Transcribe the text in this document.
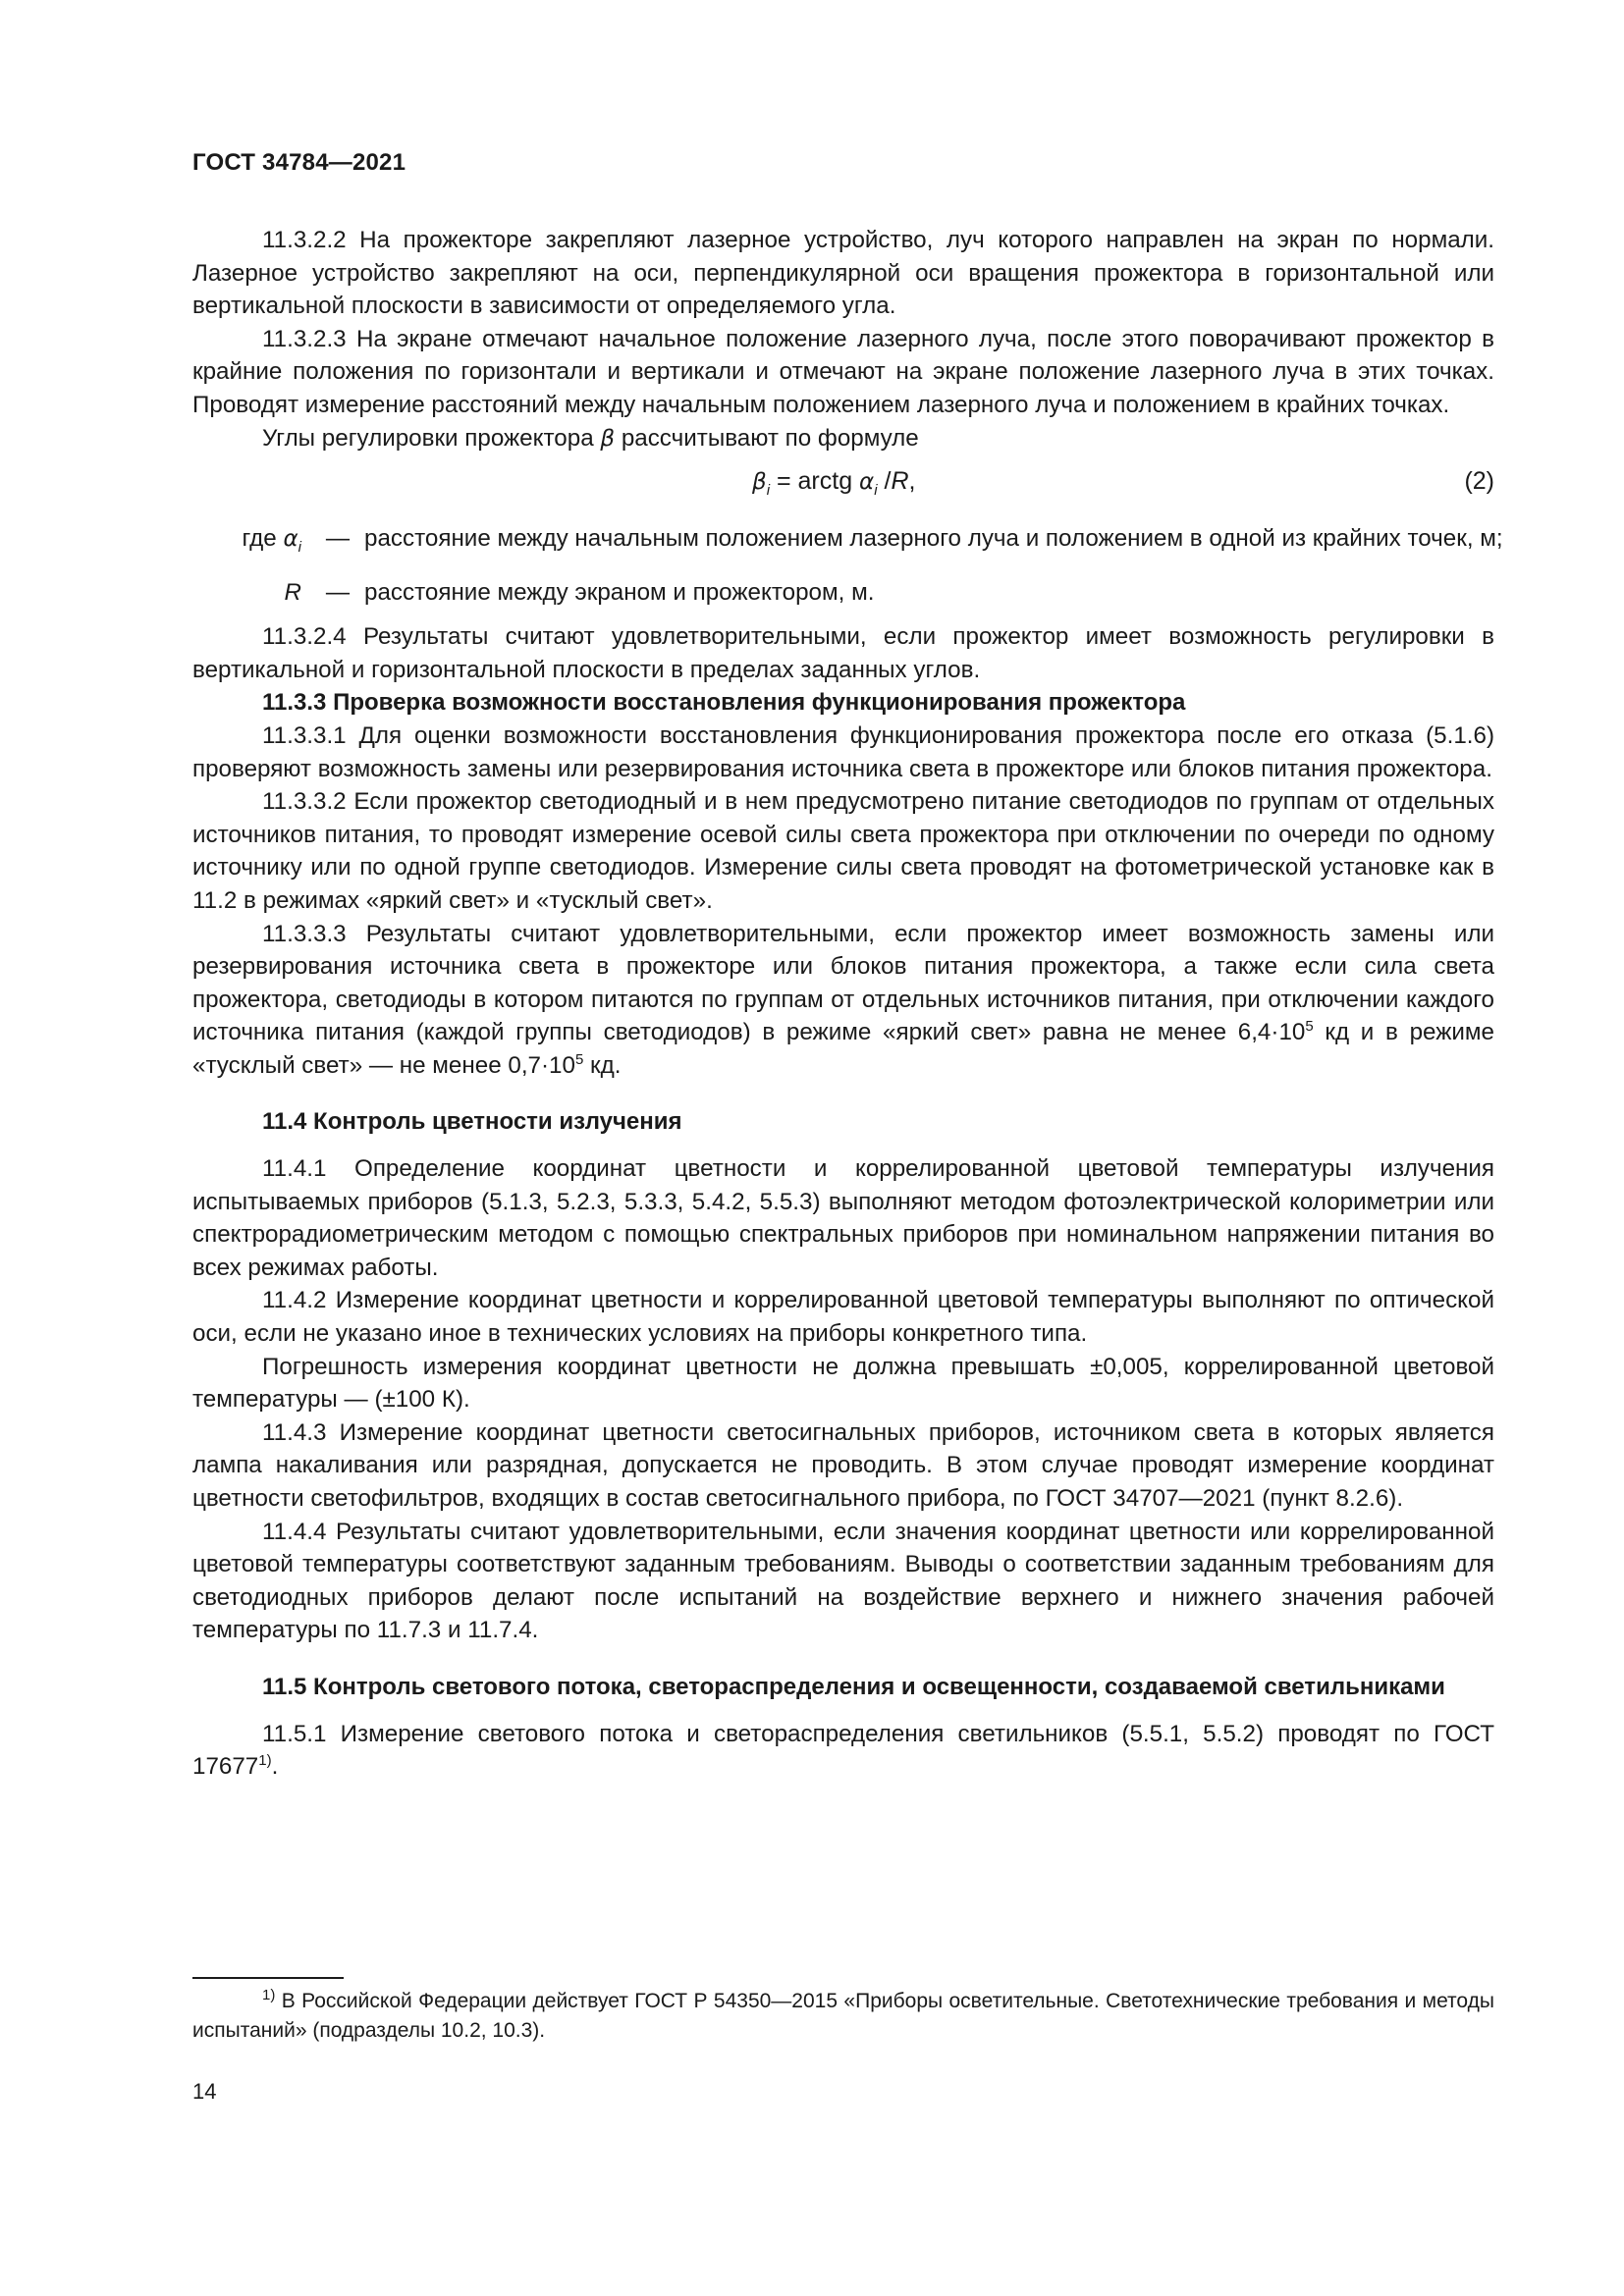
ГОСТ 34784—2021

11.3.2.2 На прожекторе закрепляют лазерное устройство, луч которого направлен на экран по нормали. Лазерное устройство закрепляют на оси, перпендикулярной оси вращения прожектора в горизонтальной или вертикальной плоскости в зависимости от определяемого угла.

11.3.2.3 На экране отмечают начальное положение лазерного луча, после этого поворачивают прожектор в крайние положения по горизонтали и вертикали и отмечают на экране положение лазерного луча в этих точках. Проводят измерение расстояний между начальным положением лазерного луча и положением в крайних точках.

Углы регулировки прожектора β рассчитывают по формуле

$\beta_i$ = arctg $\alpha_i$ /R,	(2)
где $\alpha_i$	— расстояние между начальным положением лазерного луча и положением в одной из крайних точек, м;
R	— расстояние между экраном и прожектором, м.

11.3.2.4 Результаты считают удовлетворительными, если прожектор имеет возможность регулировки в вертикальной и горизонтальной плоскости в пределах заданных углов.

11.3.3 Проверка возможности восстановления функционирования прожектора

11.3.3.1 Для оценки возможности восстановления функционирования прожектора после его отказа (5.1.6) проверяют возможность замены или резервирования источника света в прожекторе или блоков питания прожектора.

11.3.3.2 Если прожектор светодиодный и в нем предусмотрено питание светодиодов по группам от отдельных источников питания, то проводят измерение осевой силы света прожектора при отключении по очереди по одному источнику или по одной группе светодиодов. Измерение силы света проводят на фотометрической установке как в 11.2 в режимах «яркий свет» и «тусклый свет».

11.3.3.3 Результаты считают удовлетворительными, если прожектор имеет возможность замены или резервирования источника света в прожекторе или блоков питания прожектора, а также если сила света прожектора, светодиоды в котором питаются по группам от отдельных источников питания, при отключении каждого источника питания (каждой группы светодиодов) в режиме «яркий свет» равна не менее $6,4\cdot 10^5$ кд и в режиме «тусклый свет» — не менее $0,7\cdot 10^5$ кд.

11.4 Контроль цветности излучения

11.4.1 Определение координат цветности и коррелированной цветовой температуры излучения испытываемых приборов (5.1.3, 5.2.3, 5.3.3, 5.4.2, 5.5.3) выполняют методом фотоэлектрической колориметрии или спектрорадиометрическим методом с помощью спектральных приборов при номинальном напряжении питания во всех режимах работы.

11.4.2 Измерение координат цветности и коррелированной цветовой температуры выполняют по оптической оси, если не указано иное в технических условиях на приборы конкретного типа.

Погрешность измерения координат цветности не должна превышать ±0,005, коррелированной цветовой температуры — (±100 К).

11.4.3 Измерение координат цветности светосигнальных приборов, источником света в которых является лампа накаливания или разрядная, допускается не проводить. В этом случае проводят измерение координат цветности светофильтров, входящих в состав светосигнального прибора, по ГОСТ 34707—2021 (пункт 8.2.6).

11.4.4 Результаты считают удовлетворительными, если значения координат цветности или коррелированной цветовой температуры соответствуют заданным требованиям. Выводы о соответствии заданным требованиям для светодиодных приборов делают после испытаний на воздействие верхнего и нижнего значения рабочей температуры по 11.7.3 и 11.7.4.

11.5 Контроль светового потока, светораспределения и освещенности, создаваемой светильниками

11.5.1 Измерение светового потока и светораспределения светильников (5.5.1, 5.5.2) проводят по ГОСТ 17677$^{1)}$.

$^{1)}$ В Российской Федерации действует ГОСТ Р 54350—2015 «Приборы осветительные. Светотехнические требования и методы испытаний» (подразделы 10.2, 10.3).
14
